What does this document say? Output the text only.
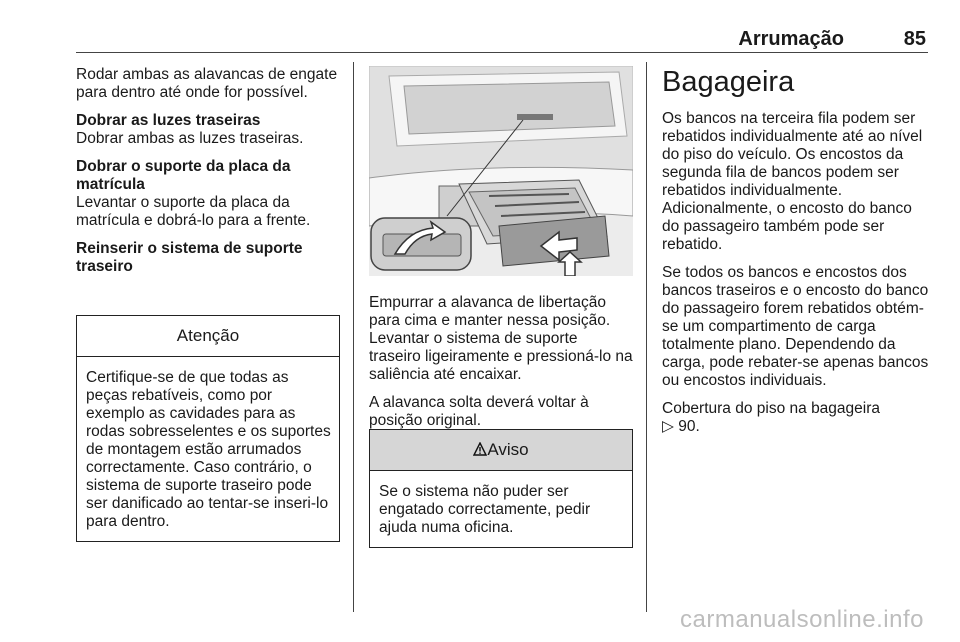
Arrumação	85

Rodar ambas as alavancas de engate para dentro até onde for possível.

Dobrar as luzes traseiras

Dobrar ambas as luzes traseiras.

Dobrar o suporte da placa da matrícula

Levantar o suporte da placa da matrícula e dobrá-lo para a frente.

Reinserir o sistema de suporte traseiro

Atenção
Certifique-se de que todas as peças rebatíveis, como por exemplo as cavidades para as rodas sobresselentes e os suportes de montagem estão arrumados correctamente. Caso contrário, o sistema de suporte traseiro pode ser danificado ao tentar-se inseri-lo para dentro.

Empurrar a alavanca de libertação para cima e manter nessa posição. Levantar o sistema de suporte traseiro ligeiramente e pressioná-lo na saliência até encaixar.

A alavanca solta deverá voltar à posição original.

Aviso
Se o sistema não puder ser engatado correctamente, pedir ajuda numa oficina.
Bagageira

Os bancos na terceira fila podem ser rebatidos individualmente até ao nível do piso do veículo. Os encostos da segunda fila de bancos podem ser rebatidos individualmente.

Adicionalmente, o encosto do banco do passageiro também pode ser rebatido.

Se todos os bancos e encostos dos bancos traseiros e o encosto do banco do passageiro forem rebatidos obtém-se um compartimento de carga totalmente plano. Dependendo da carga, pode rebater-se apenas bancos ou encostos individuais.

Cobertura do piso na bagageira

▷ 90.

carmanualsonline.info
